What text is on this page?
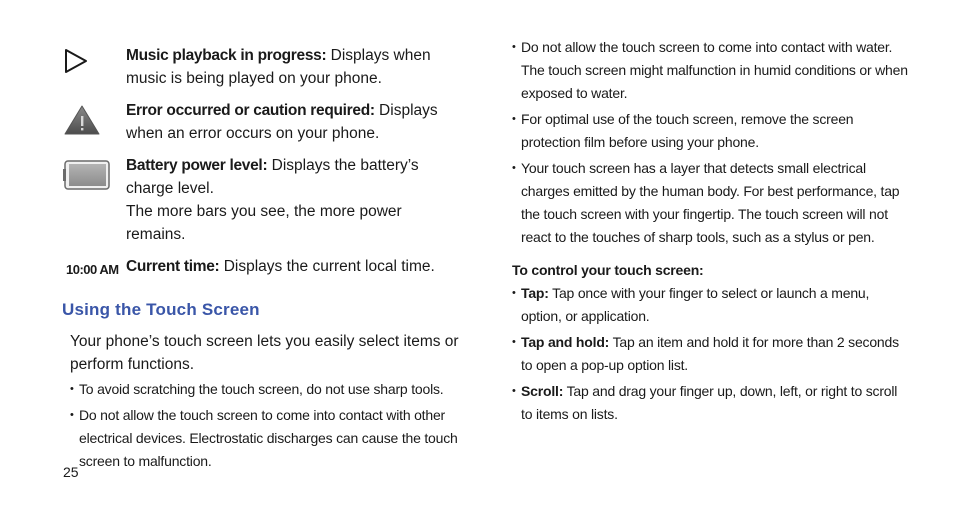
Music playback in progress: Displays when music is being played on your phone.
Error occurred or caution required: Displays when an error occurs on your phone.
Battery power level: Displays the battery’s charge level.
The more bars you see, the more power remains.
10:00 AM Current time: Displays the current local time.
Using the Touch Screen
Your phone’s touch screen lets you easily select items or perform functions.
• To avoid scratching the touch screen, do not use sharp tools.
• Do not allow the touch screen to come into contact with other electrical devices. Electrostatic discharges can cause the touch screen to malfunction.
• Do not allow the touch screen to come into contact with water. The touch screen might malfunction in humid conditions or when exposed to water.
• For optimal use of the touch screen, remove the screen protection film before using your phone.
• Your touch screen has a layer that detects small electrical charges emitted by the human body. For best performance, tap the touch screen with your fingertip. The touch screen will not react to the touches of sharp tools, such as a stylus or pen.
To control your touch screen:
• Tap: Tap once with your finger to select or launch a menu, option, or application.
• Tap and hold: Tap an item and hold it for more than 2 seconds to open a pop-up option list.
• Scroll: Tap and drag your finger up, down, left, or right to scroll to items on lists.
25
